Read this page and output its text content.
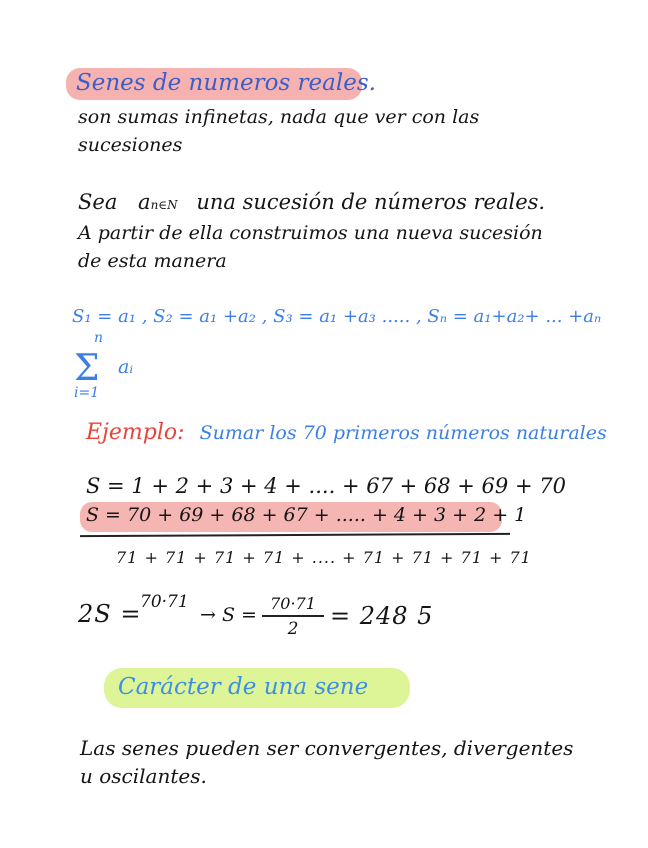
Senes de numeros reales.
son sumas infinetas, nada que ver con las
sucesiones
Sea an∈N una sucesión de números reales.
A partir de ella construimos una nueva sucesión
de esta manera
S₁ = a₁ , S₂ = a₁ +a₂ , S₃ = a₁ +a₃ ..... , Sₙ = a₁+a₂+ ... +aₙ
n
Σ
i=1
aᵢ
Ejemplo: Sumar los 70 primeros números naturales
S = 1 + 2 + 3 + 4 + .... + 67 + 68 + 69 + 70
S = 70 + 69 + 68 + 67 + ..... + 4 + 3 + 2 + 1
71 + 71 + 71 + 71 + .... + 71 + 71 + 71 + 71
2S =
70·71
→ S =
70·71
2	= 248 5
Carácter de una sene
Las senes pueden ser convergentes, divergentes
u oscilantes.
